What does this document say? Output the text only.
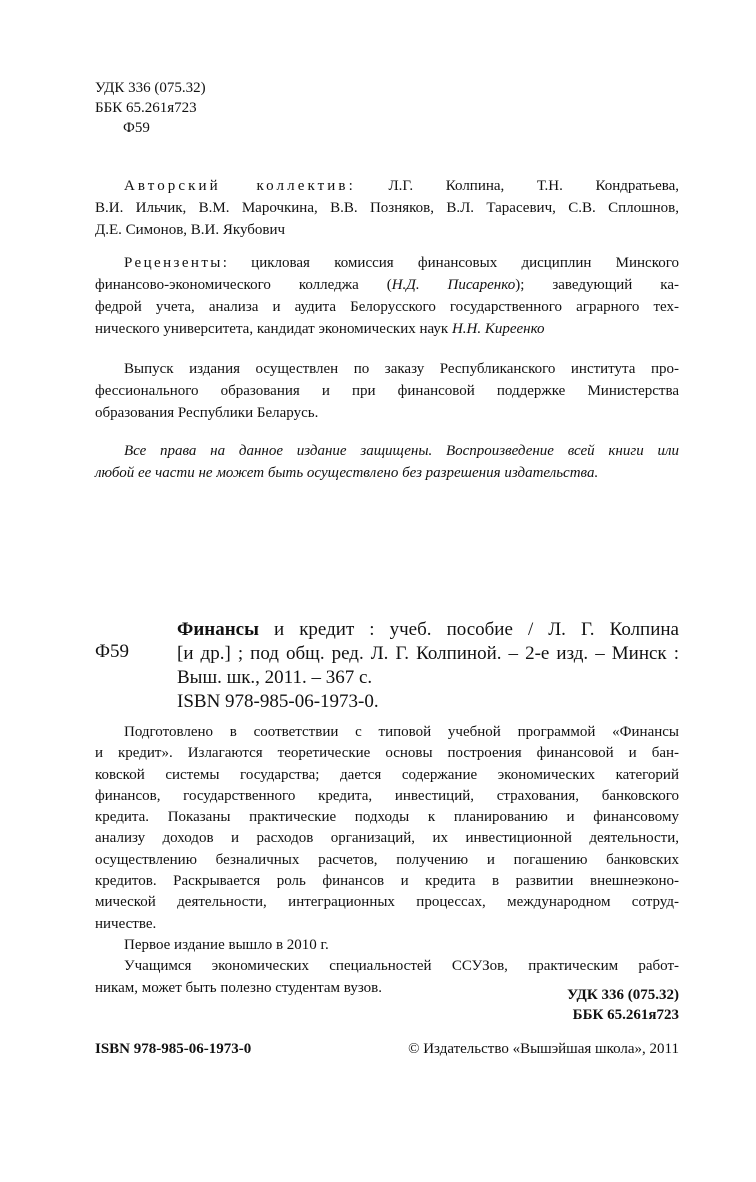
УДК 336 (075.32)
ББК 65.261я723
Ф59
Авторский коллектив: Л.Г. Колпина, Т.Н. Кондратьева,
В.И. Ильчик, В.М. Марочкина, В.В. Позняков, В.Л. Тарасевич, С.В. Сплошнов,
Д.Е. Симонов, В.И. Якубович
Рецензенты: цикловая комиссия финансовых дисциплин Минского
финансово-экономического колледжа (Н.Д. Писаренко); заведующий ка-
федрой учета, анализа и аудита Белорусского государственного аграрного тех-
нического университета, кандидат экономических наук Н.Н. Киреенко
Выпуск издания осуществлен по заказу Республиканского института про-
фессионального образования и при финансовой поддержке Министерства
образования Республики Беларусь.
Все права на данное издание защищены. Воспроизведение всей книги или
любой ее части не может быть осуществлено без разрешения издательства.
Ф59
Финансы и кредит : учеб. пособие / Л. Г. Колпина
[и др.] ; под общ. ред. Л. Г. Колпиной. – 2-е изд. – Минск :
Выш. шк., 2011. – 367 с.
ISBN 978-985-06-1973-0.
Подготовлено в соответствии с типовой учебной программой «Финансы
и кредит». Излагаются теоретические основы построения финансовой и бан-
ковской системы государства; дается содержание экономических категорий
финансов, государственного кредита, инвестиций, страхования, банковского
кредита. Показаны практические подходы к планированию и финансовому
анализу доходов и расходов организаций, их инвестиционной деятельности,
осуществлению безналичных расчетов, получению и погашению банковских
кредитов. Раскрывается роль финансов и кредита в развитии внешнеэконо-
мической деятельности, интеграционных процессах, международном сотруд-
ничестве.
Первое издание вышло в 2010 г.
Учащимся экономических специальностей ССУЗов, практическим работ-
никам, может быть полезно студентам вузов.	УДК 336 (075.32)
ББК 65.261я723
ISBN 978-985-06-1973-0	© Издательство «Вышэйшая школа», 2011
